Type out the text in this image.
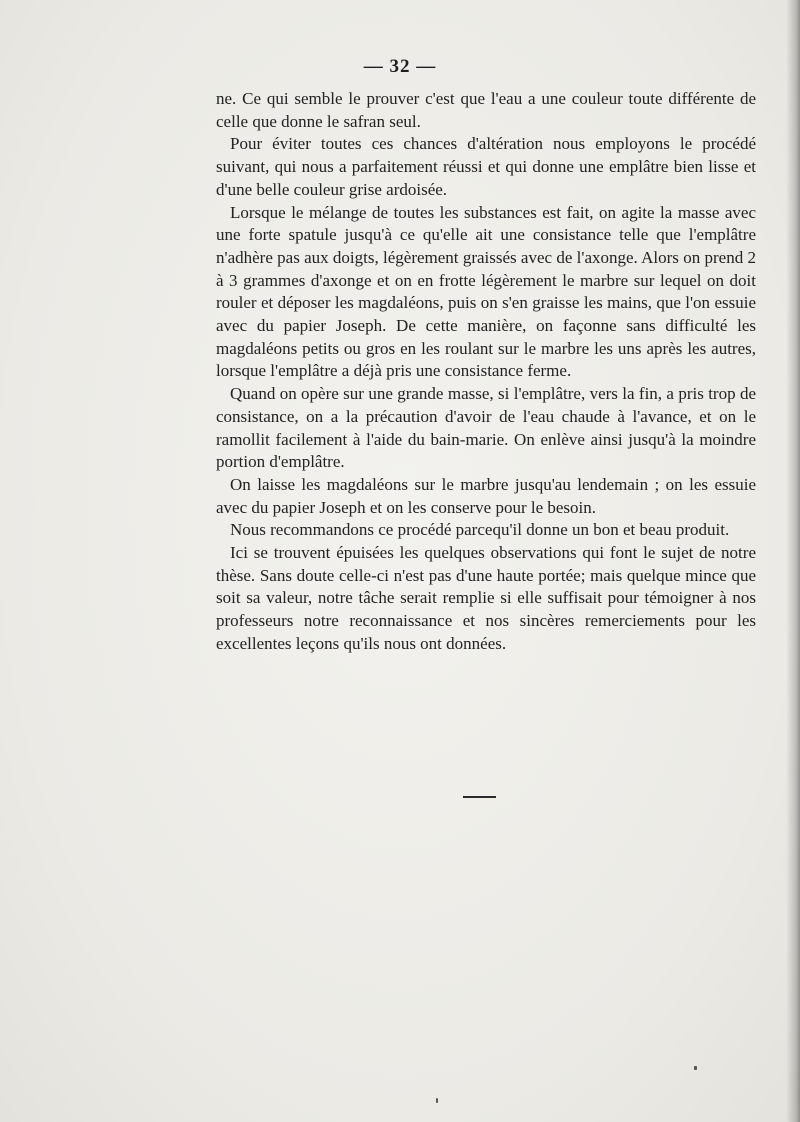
— 32 —

ne. Ce qui semble le prouver c'est que l'eau a une couleur toute différente de celle que donne le safran seul.

Pour éviter toutes ces chances d'altération nous employons le procédé suivant, qui nous a parfaitement réussi et qui donne une emplâtre bien lisse et d'une belle couleur grise ardoisée.

Lorsque le mélange de toutes les substances est fait, on agite la masse avec une forte spatule jusqu'à ce qu'elle ait une consistance telle que l'emplâtre n'adhère pas aux doigts, légèrement graissés avec de l'axonge. Alors on prend 2 à 3 grammes d'axonge et on en frotte légèrement le marbre sur lequel on doit rouler et déposer les magdaléons, puis on s'en graisse les mains, que l'on essuie avec du papier Joseph. De cette manière, on façonne sans difficulté les magdaléons petits ou gros en les roulant sur le marbre les uns après les autres, lorsque l'emplâtre a déjà pris une consistance ferme.

Quand on opère sur une grande masse, si l'emplâtre, vers la fin, a pris trop de consistance, on a la précaution d'avoir de l'eau chaude à l'avance, et on le ramollit facilement à l'aide du bain-marie. On enlève ainsi jusqu'à la moindre portion d'emplâtre.

On laisse les magdaléons sur le marbre jusqu'au lendemain ; on les essuie avec du papier Joseph et on les conserve pour le besoin.

Nous recommandons ce procédé parcequ'il donne un bon et beau produit.

Ici se trouvent épuisées les quelques observations qui font le sujet de notre thèse. Sans doute celle-ci n'est pas d'une haute portée; mais quelque mince que soit sa valeur, notre tâche serait remplie si elle suffisait pour témoigner à nos professeurs notre reconnaissance et nos sincères remerciements pour les excellentes leçons qu'ils nous ont données.
